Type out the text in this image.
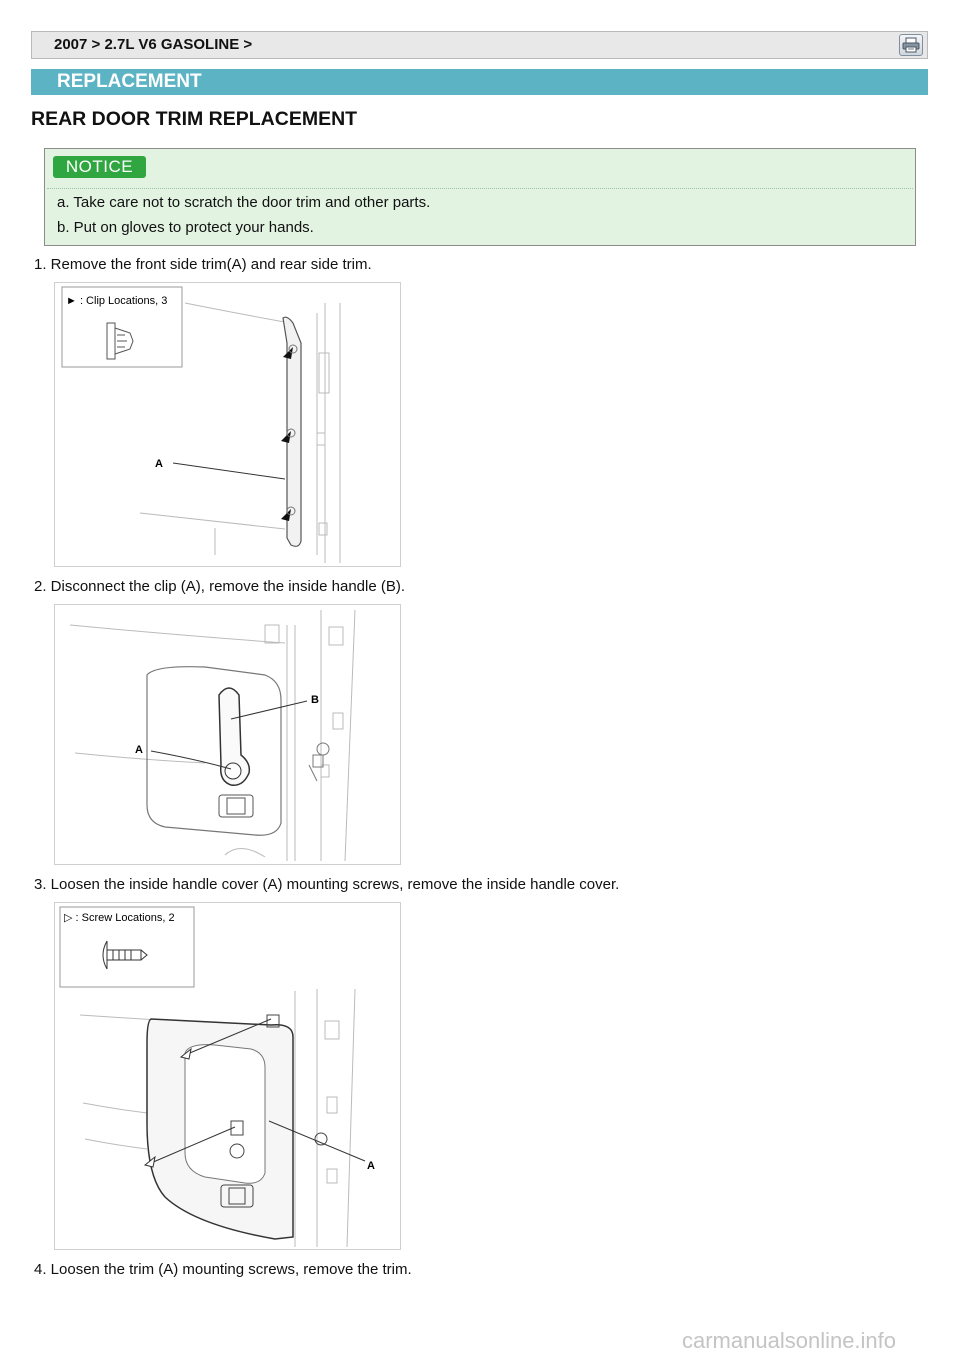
2007 > 2.7L V6 GASOLINE >
REPLACEMENT
REAR DOOR TRIM REPLACEMENT
NOTICE
a. Take care not to scratch the door trim and other parts.
b. Put on gloves to protect your hands.
1. Remove the front side trim(A) and rear side trim.
► : Clip Locations, 3
A
2. Disconnect the clip (A), remove the inside handle (B).
B
A
3. Loosen the inside handle cover (A) mounting screws, remove the inside handle cover.
▷ : Screw Locations, 2
A
4. Loosen the trim (A) mounting screws, remove the trim.
carmanualsonline.info
